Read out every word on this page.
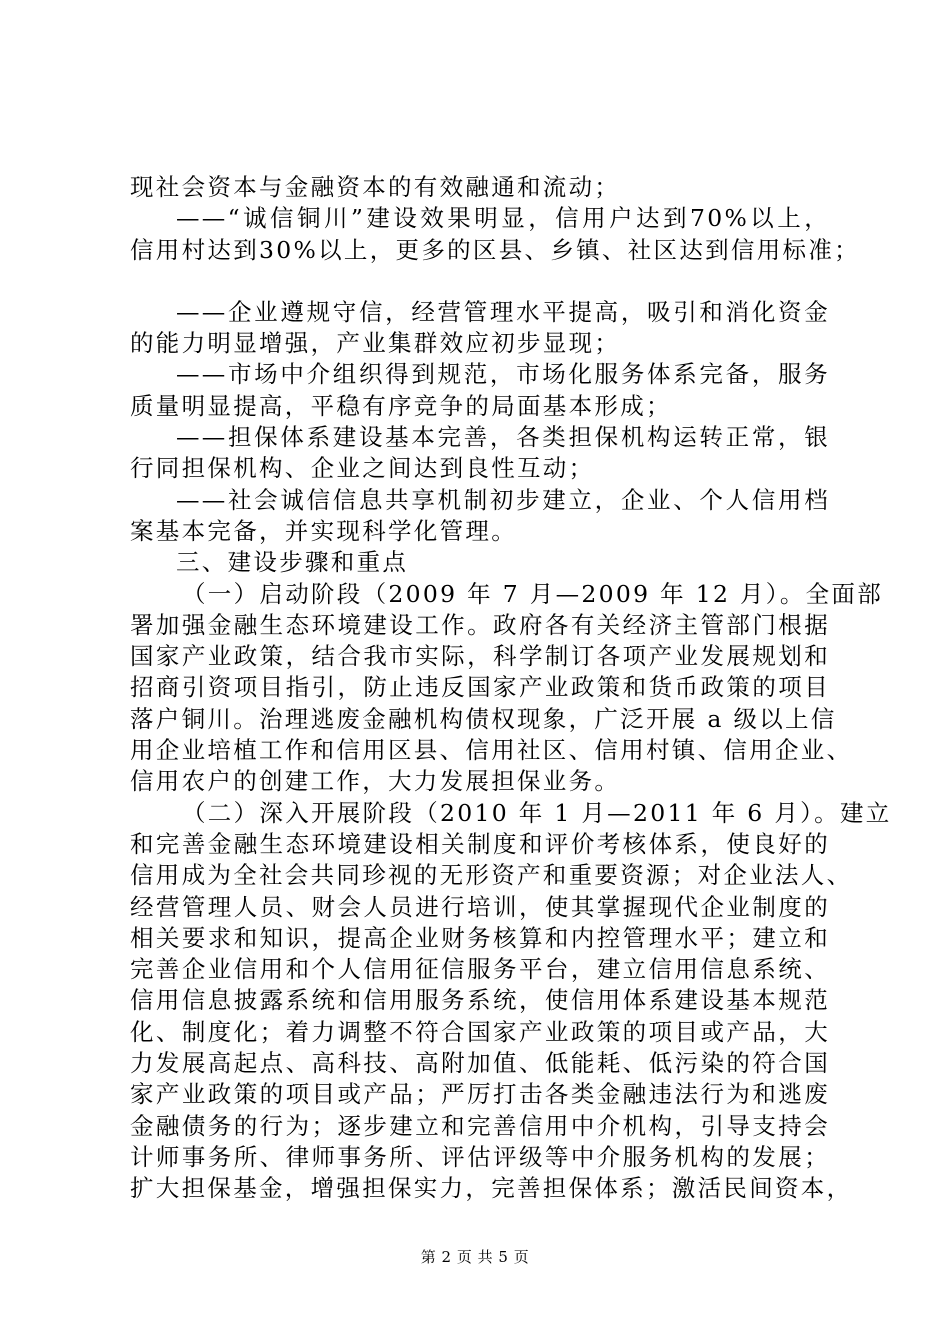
现社会资本与金融资本的有效融通和流动；
——“诚信铜川”建设效果明显，信用户达到70%以上，
信用村达到30%以上，更多的区县、乡镇、社区达到信用标准；
——企业遵规守信，经营管理水平提高，吸引和消化资金
的能力明显增强，产业集群效应初步显现；
——市场中介组织得到规范，市场化服务体系完备，服务
质量明显提高，平稳有序竞争的局面基本形成；
——担保体系建设基本完善，各类担保机构运转正常，银
行同担保机构、企业之间达到良性互动；
——社会诚信信息共享机制初步建立，企业、个人信用档
案基本完备，并实现科学化管理。
三、建设步骤和重点
（一）启动阶段（2009 年 7 月—2009 年 12 月）。全面部
署加强金融生态环境建设工作。政府各有关经济主管部门根据
国家产业政策，结合我市实际，科学制订各项产业发展规划和
招商引资项目指引，防止违反国家产业政策和货币政策的项目
落户铜川。治理逃废金融机构债权现象，广泛开展 a 级以上信
用企业培植工作和信用区县、信用社区、信用村镇、信用企业、
信用农户的创建工作，大力发展担保业务。
（二）深入开展阶段（2010 年 1 月—2011 年 6 月）。建立
和完善金融生态环境建设相关制度和评价考核体系，使良好的
信用成为全社会共同珍视的无形资产和重要资源；对企业法人、
经营管理人员、财会人员进行培训，使其掌握现代企业制度的
相关要求和知识，提高企业财务核算和内控管理水平；建立和
完善企业信用和个人信用征信服务平台，建立信用信息系统、
信用信息披露系统和信用服务系统，使信用体系建设基本规范
化、制度化；着力调整不符合国家产业政策的项目或产品，大
力发展高起点、高科技、高附加值、低能耗、低污染的符合国
家产业政策的项目或产品；严厉打击各类金融违法行为和逃废
金融债务的行为；逐步建立和完善信用中介机构，引导支持会
计师事务所、律师事务所、评估评级等中介服务机构的发展；
扩大担保基金，增强担保实力，完善担保体系；激活民间资本，
第 2 页 共 5 页
